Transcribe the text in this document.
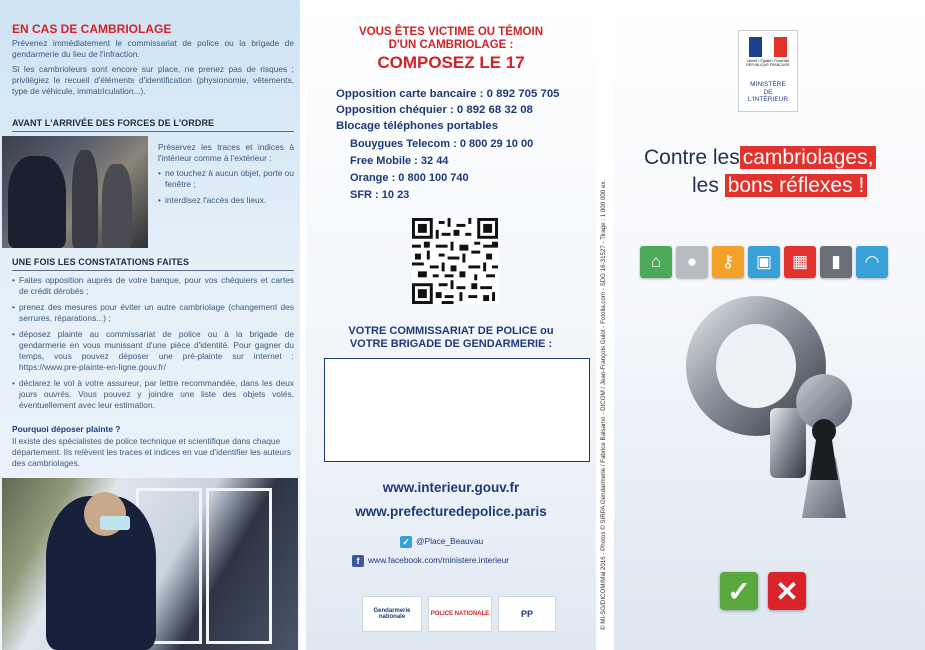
EN CAS DE CAMBRIOLAGE

Prévenez immédiatement le commissariat de police ou la brigade de gendarmerie du lieu de l'infraction.

Si les cambrioleurs sont encore sur place, ne prenez pas de risques ; privilégiez le recueil d'éléments d'identification (physionomie, vêtements, type de véhicule, immatriculation...).

AVANT L'ARRIVÉE DES FORCES DE L'ORDRE

Préservez les traces et indices à l'intérieur comme à l'extérieur :

• ne touchez à aucun objet, porte ou fenêtre ;
• interdisez l'accès des lieux.
UNE FOIS LES CONSTATATIONS FAITES
• Faites opposition auprès de votre banque, pour vos chéquiers et cartes de crédit dérobés ;
• prenez des mesures pour éviter un autre cambriolage (changement des serrures, réparations...) ;
• déposez plainte au commissariat de police ou à la brigade de gendarmerie en vous munissant d'une pièce d'identité. Pour gagner du temps, vous pouvez déposer une pré-plainte sur internet : https://www.pre-plainte-en-ligne.gouv.fr/
• déclarez le vol à votre assureur, par lettre recommandée, dans les deux jours ouvrés. Vous pouvez y joindre une liste des objets volés, éventuellement avec leur estimation.
Pourquoi déposer plainte ?
Il existe des spécialistes de police technique et scientifique dans chaque département. Ils relèvent les traces et indices en vue d'identifier les auteurs des cambriolages.
VOUS ÊTES VICTIME OU TÉMOIN
D'UN CAMBRIOLAGE :
COMPOSEZ LE 17
Opposition carte bancaire : 0 892 705 705
Opposition chéquier : 0 892 68 32 08
Blocage téléphones portables
Bouygues Telecom : 0 800 29 10 00
Free Mobile : 32 44
Orange : 0 800 100 740
SFR : 10 23
VOTRE COMMISSARIAT DE POLICE ou
VOTRE BRIGADE DE GENDARMERIE :
www.interieur.gouv.fr
www.prefecturedepolice.paris
✓ @Place_Beauvau
f www.facebook.com/ministere.interieur
Gendarmerie nationale	POLICE NATIONALE	PP	© MI-SG/DICOM/Mai 2016 - Photos © SIRPA Gendarmerie / Fabrice Balsamo - DICOM / Jean-François Guiot - Fotolia.com - SDG 16-31527 - Tirage : 1 000 000 ex.
Liberté • Égalité • Fraternité RÉPUBLIQUE FRANÇAISE
MINISTÈRE
DE
L'INTÉRIEUR
Contre les cambriolages,
les bons réflexes !
⌂	●	⚷	▣	▦	▮	◠
✓ ✕
